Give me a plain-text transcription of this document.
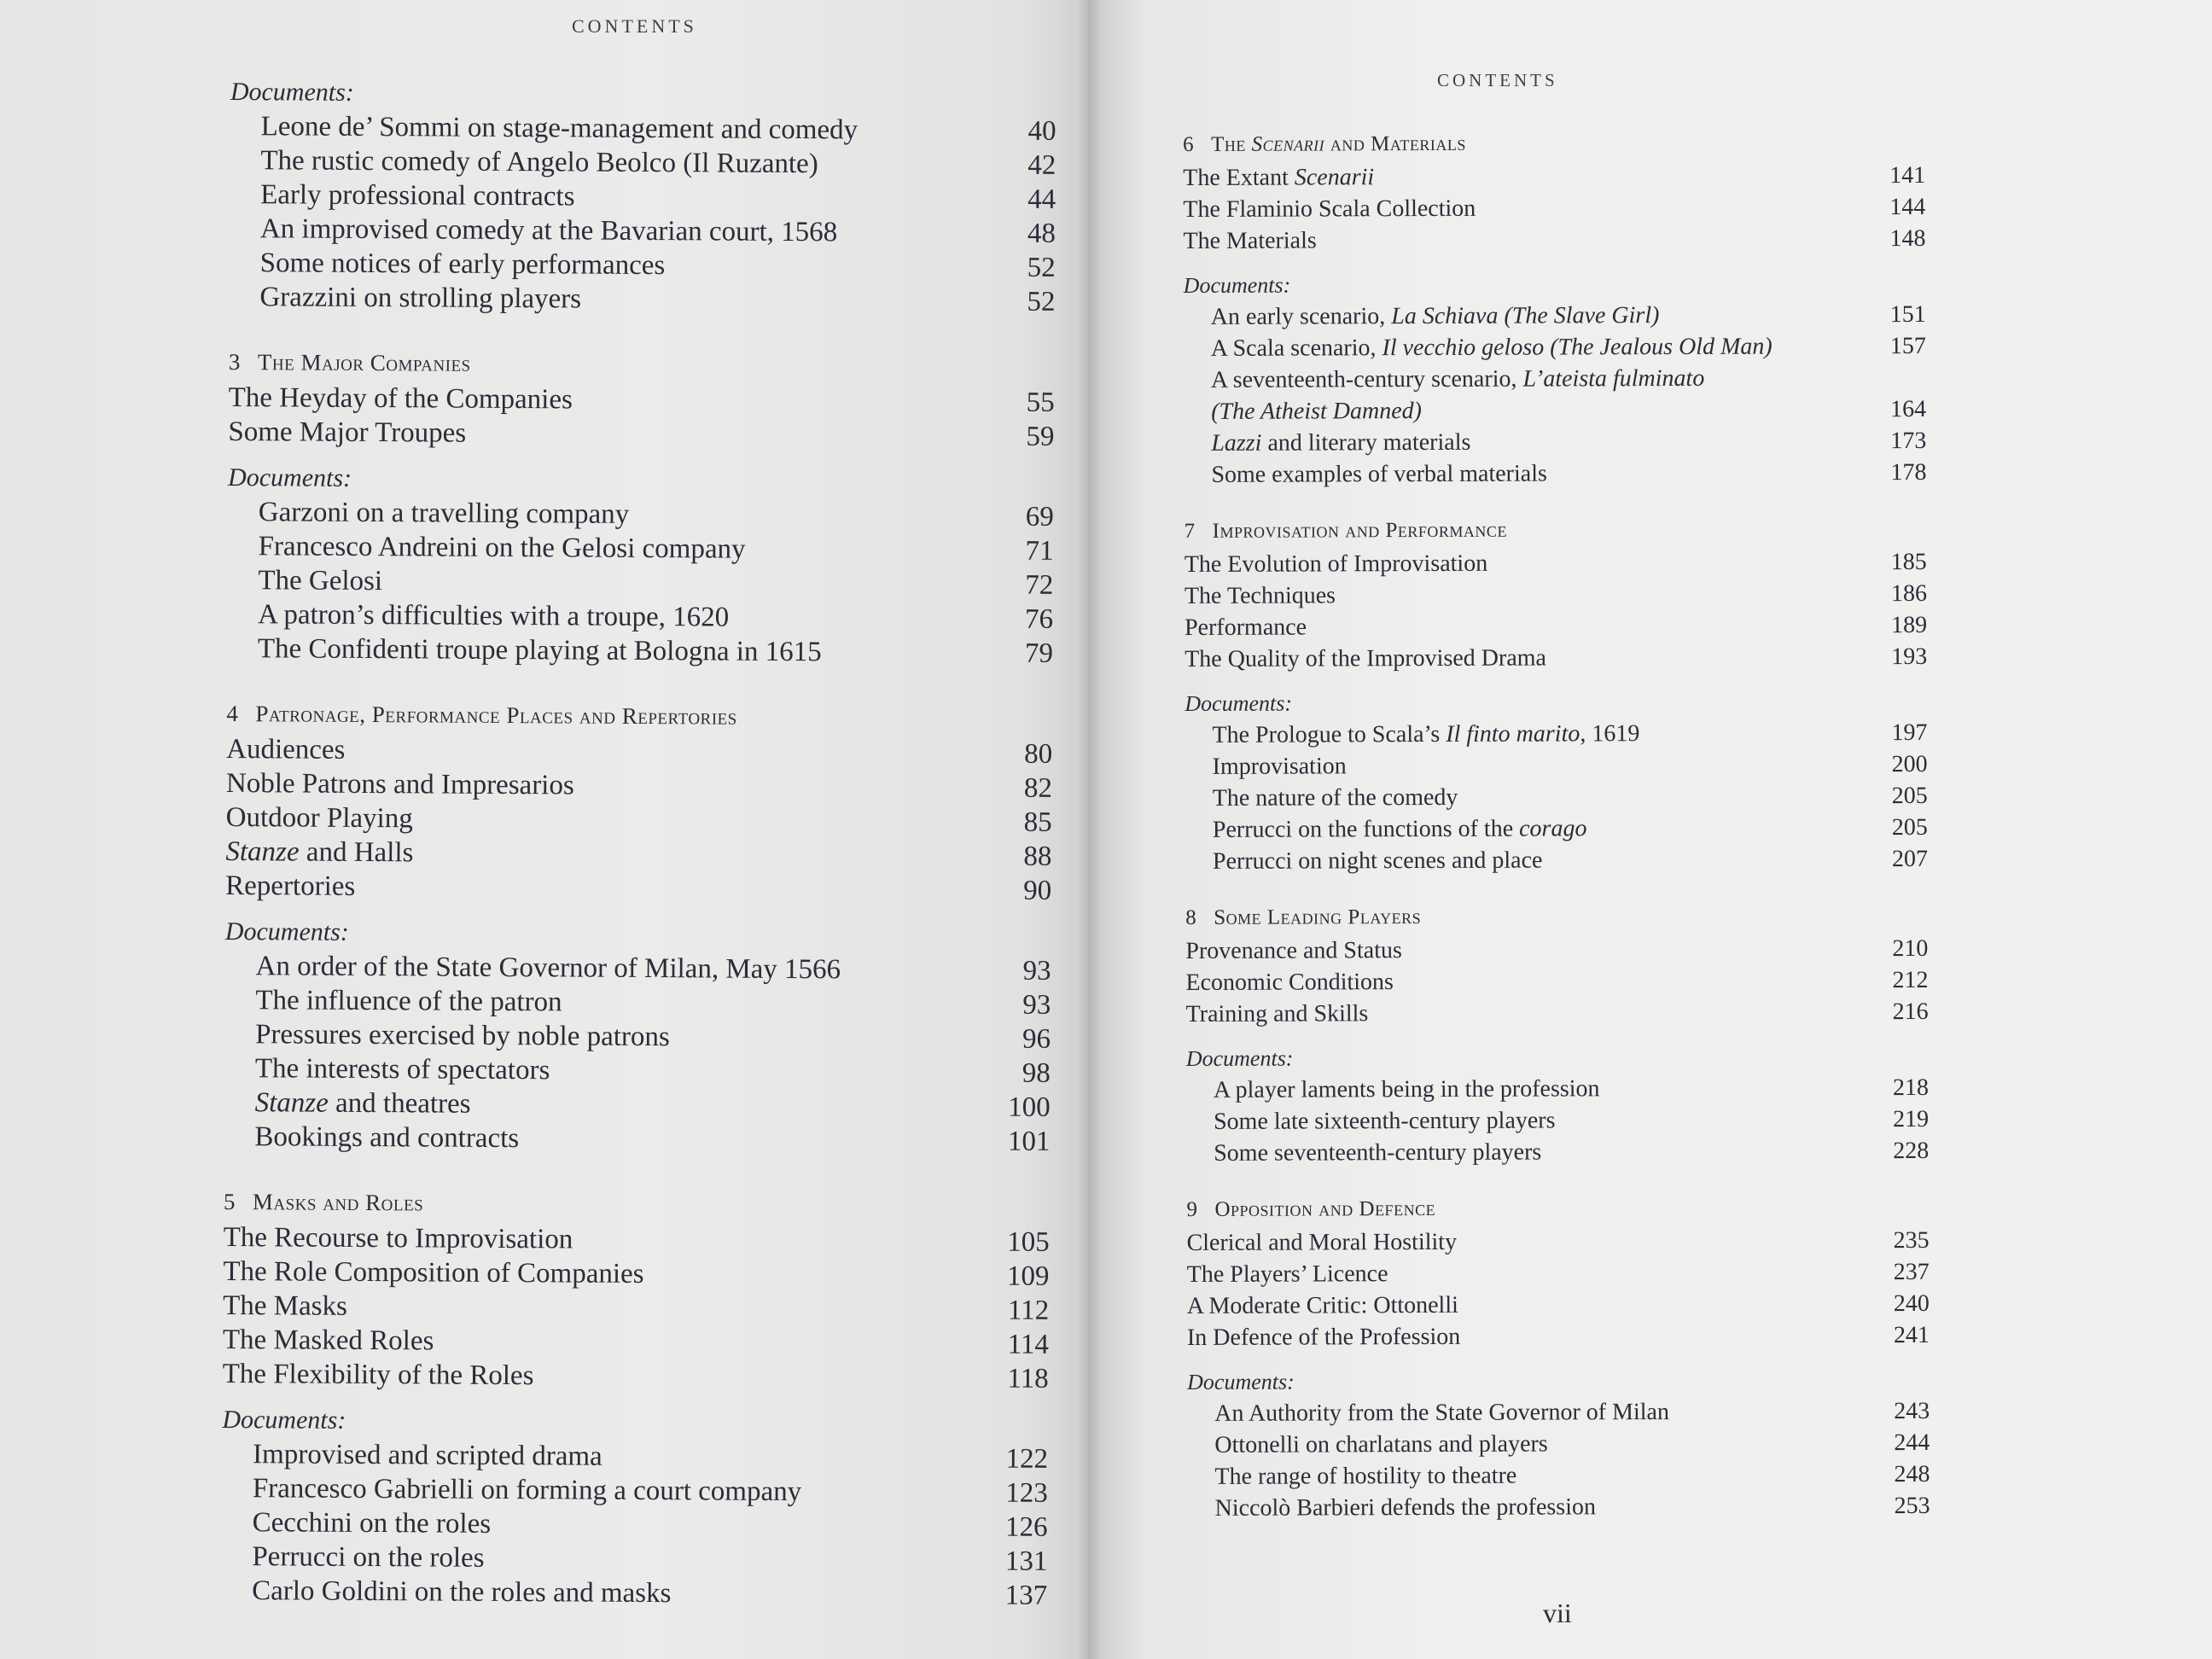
CONTENTS
Documents:
Leone de’ Sommi on stage-management and comedy	40
The rustic comedy of Angelo Beolco (Il Ruzante)	42
Early professional contracts	44
An improvised comedy at the Bavarian court, 1568	48
Some notices of early performances	52
Grazzini on strolling players	52
3 The Major Companies
The Heyday of the Companies	55
Some Major Troupes	59
Documents:
Garzoni on a travelling company	69
Francesco Andreini on the Gelosi company	71
The Gelosi	72
A patron’s difficulties with a troupe, 1620	76
The Confidenti troupe playing at Bologna in 1615	79
4 Patronage, Performance Places and Repertories
Audiences	80
Noble Patrons and Impresarios	82
Outdoor Playing	85
Stanze and Halls	88
Repertories	90
Documents:
An order of the State Governor of Milan, May 1566	93
The influence of the patron	93
Pressures exercised by noble patrons	96
The interests of spectators	98
Stanze and theatres	100
Bookings and contracts	101
5 Masks and Roles
The Recourse to Improvisation	105
The Role Composition of Companies	109
The Masks	112
The Masked Roles	114
The Flexibility of the Roles	118
Documents:
Improvised and scripted drama	122
Francesco Gabrielli on forming a court company	123
Cecchini on the roles	126
Perrucci on the roles	131
Carlo Goldini on the roles and masks	137
CONTENTS
6 The Scenarii and Materials
The Extant Scenarii	141
The Flaminio Scala Collection	144
The Materials	148
Documents:
An early scenario, La Schiava (The Slave Girl)	151
A Scala scenario, Il vecchio geloso (The Jealous Old Man)	157
A seventeenth-century scenario, L’ateista fulminato
(The Atheist Damned)	164
Lazzi and literary materials	173
Some examples of verbal materials	178
7 Improvisation and Performance
The Evolution of Improvisation	185
The Techniques	186
Performance	189
The Quality of the Improvised Drama	193
Documents:
The Prologue to Scala’s Il finto marito, 1619	197
Improvisation	200
The nature of the comedy	205
Perrucci on the functions of the corago	205
Perrucci on night scenes and place	207
8 Some Leading Players
Provenance and Status	210
Economic Conditions	212
Training and Skills	216
Documents:
A player laments being in the profession	218
Some late sixteenth-century players	219
Some seventeenth-century players	228
9 Opposition and Defence
Clerical and Moral Hostility	235
The Players’ Licence	237
A Moderate Critic: Ottonelli	240
In Defence of the Profession	241
Documents:
An Authority from the State Governor of Milan	243
Ottonelli on charlatans and players	244
The range of hostility to theatre	248
Niccolò Barbieri defends the profession	253
vii
